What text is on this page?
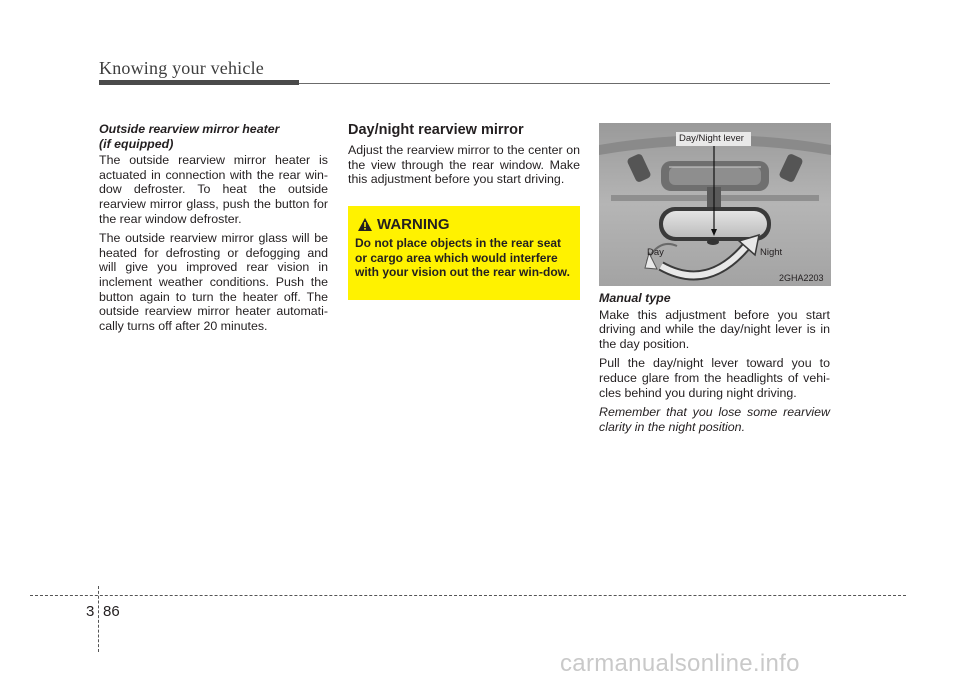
Knowing your vehicle
Outside rearview mirror heater
(if equipped)

The outside rearview mirror heater is actuated in connection with the rear win-dow defroster. To heat the outside rearview mirror glass, push the button for the rear window defroster.

The outside rearview mirror glass will be heated for defrosting or defogging and will give you improved rear vision in inclement weather conditions. Push the button again to turn the heater off. The outside rearview mirror heater automati-cally turns off after 20 minutes.

Day/night rearview mirror

Adjust the rearview mirror to the center on the view through the rear window. Make this adjustment before you start driving.

WARNING
Do not place objects in the rear seat or cargo area which would interfere with your vision out the rear win-dow.
Day/Night lever
Day	Night
2GHA2203
Manual type

Make this adjustment before you start driving and while the day/night lever is in the day position.

Pull the day/night lever toward you to reduce glare from the headlights of vehi-cles behind you during night driving.

Remember that you lose some rearview clarity in the night position.

3 86
carmanualsonline.info
